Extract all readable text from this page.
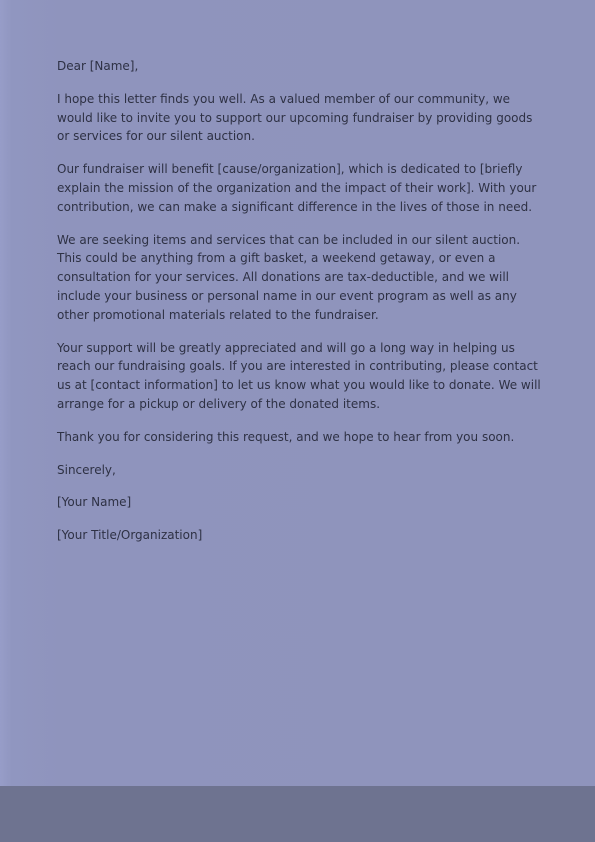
Dear [Name],

I hope this letter finds you well. As a valued member of our community, we would like to invite you to support our upcoming fundraiser by providing goods or services for our silent auction.

Our fundraiser will benefit [cause/organization], which is dedicated to [briefly explain the mission of the organization and the impact of their work]. With your contribution, we can make a significant difference in the lives of those in need.

We are seeking items and services that can be included in our silent auction. This could be anything from a gift basket, a weekend getaway, or even a consultation for your services. All donations are tax-deductible, and we will include your business or personal name in our event program as well as any other promotional materials related to the fundraiser.

Your support will be greatly appreciated and will go a long way in helping us reach our fundraising goals. If you are interested in contributing, please contact us at [contact information] to let us know what you would like to donate. We will arrange for a pickup or delivery of the donated items.

Thank you for considering this request, and we hope to hear from you soon.

Sincerely,

[Your Name]

[Your Title/Organization]
